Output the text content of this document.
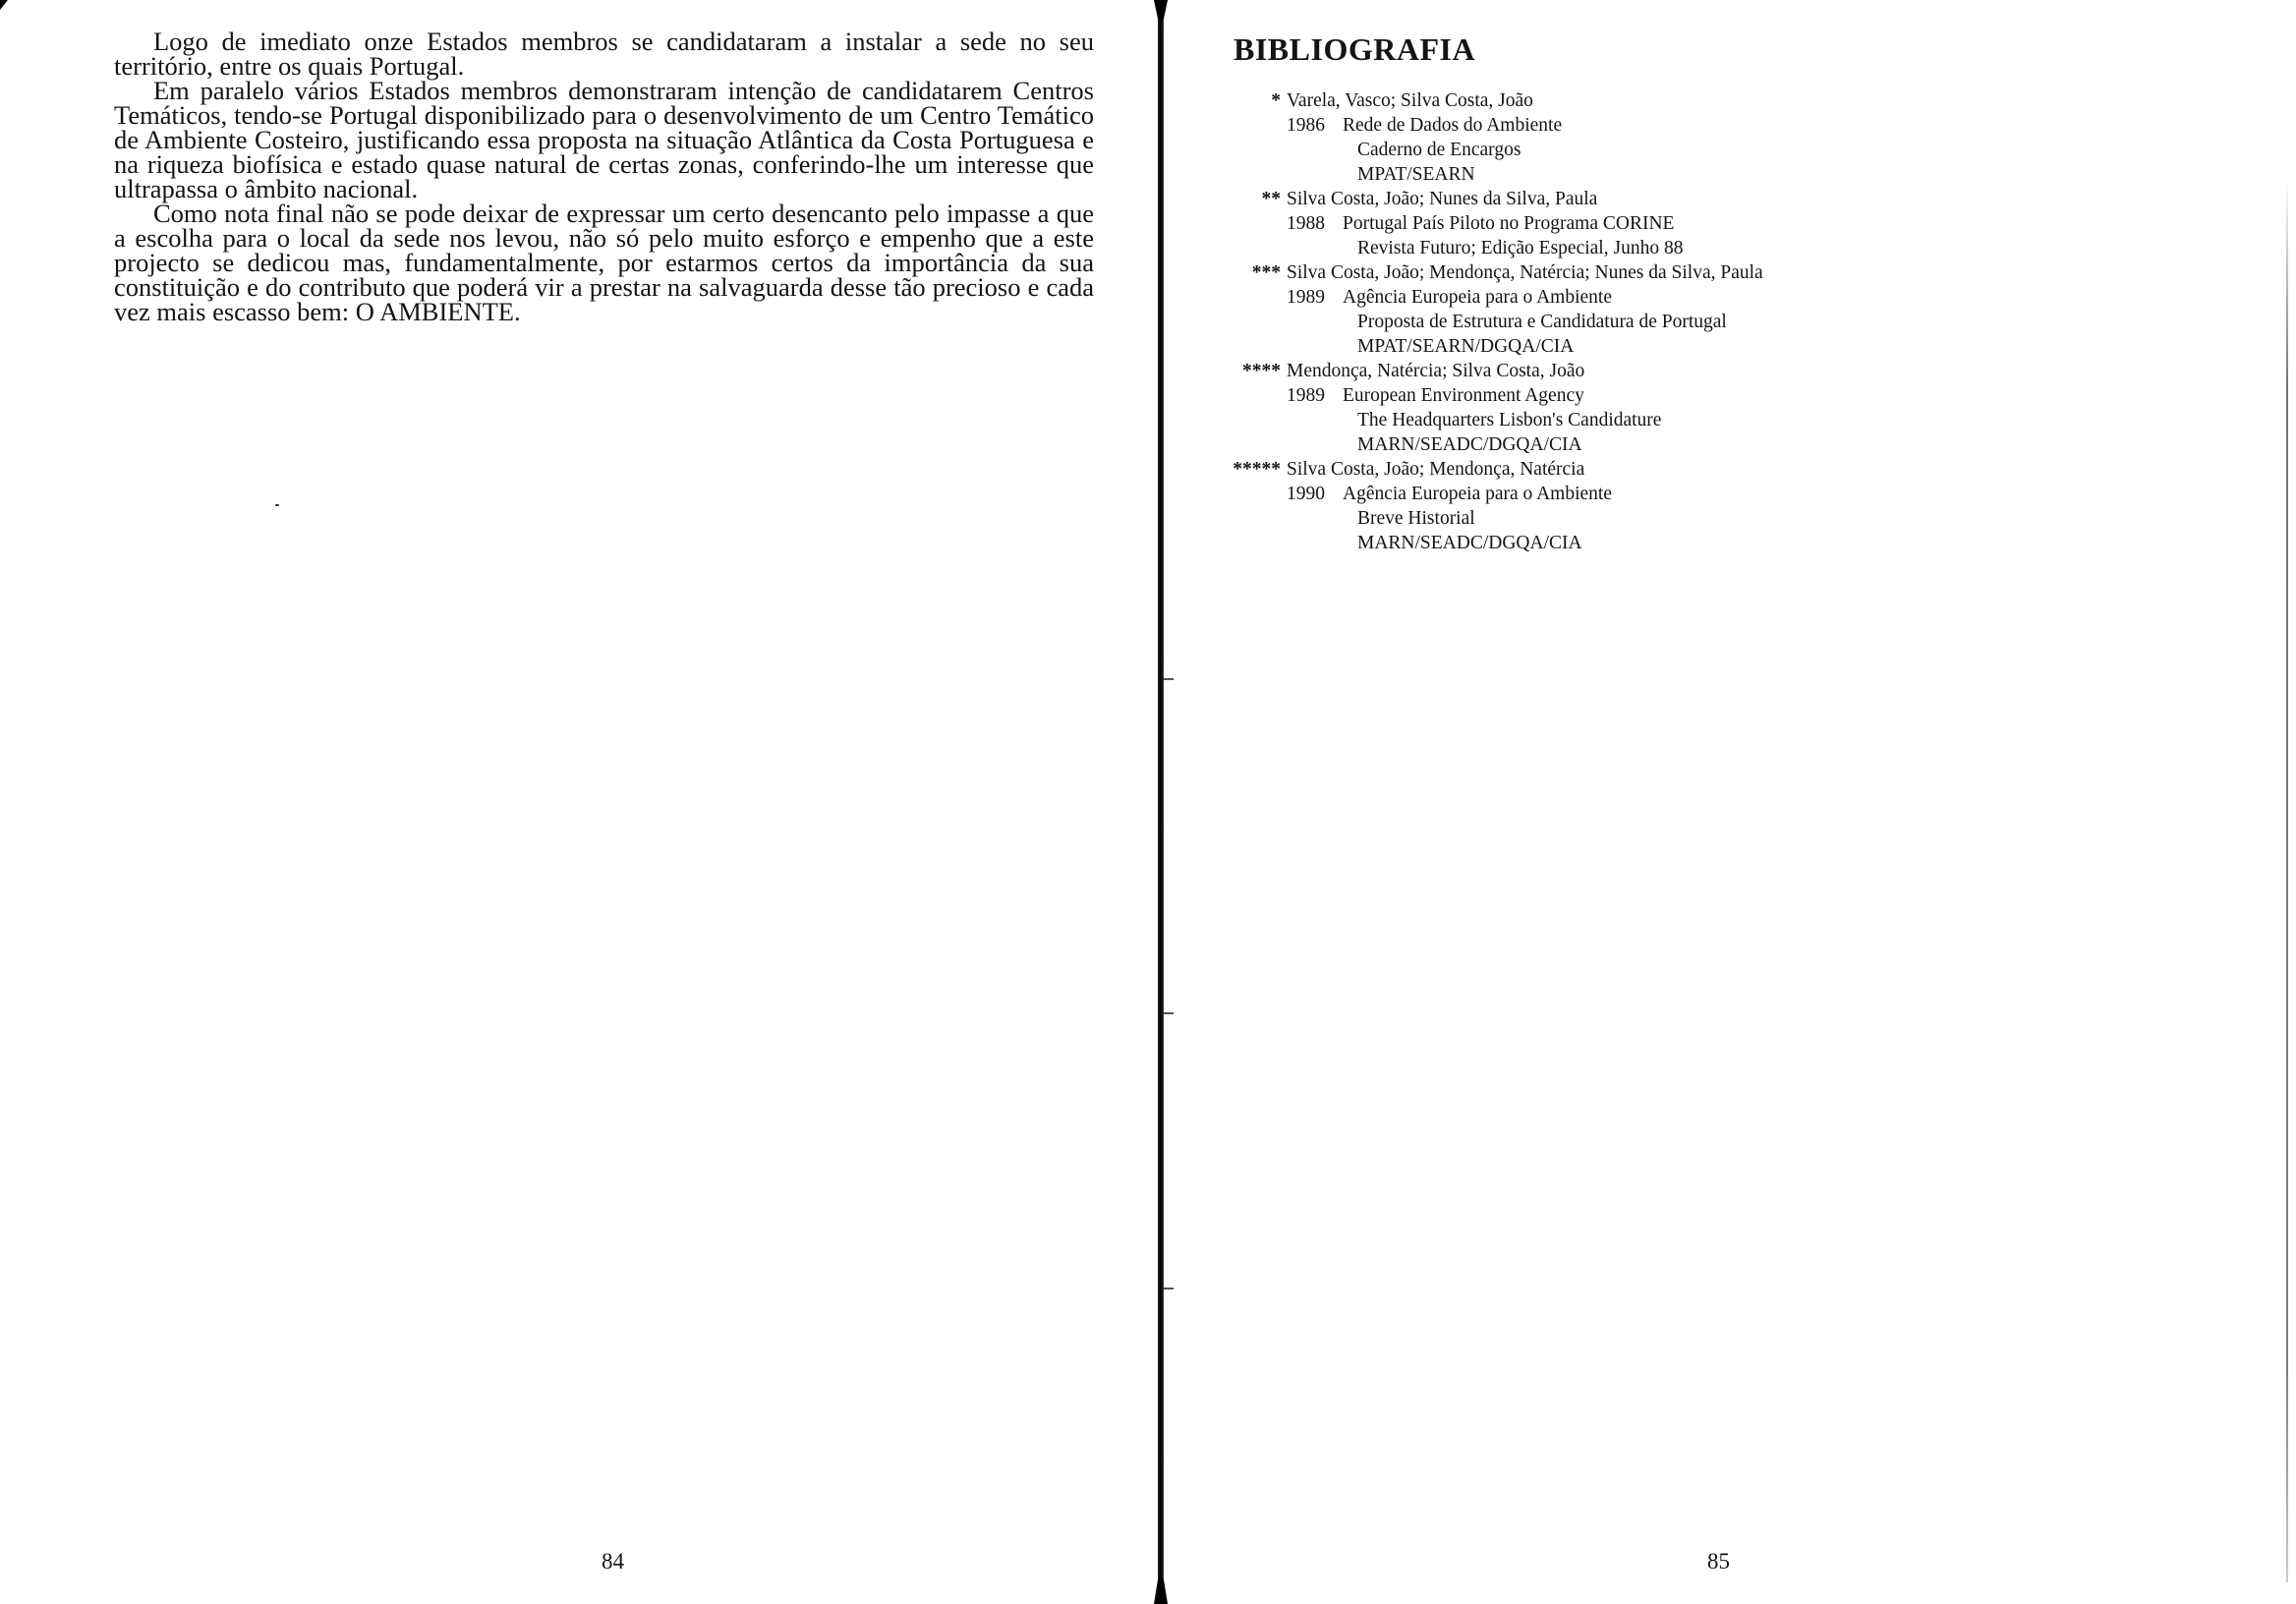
Logo de imediato onze Estados membros se candidataram a instalar a sede no seu território, entre os quais Portugal.

Em paralelo vários Estados membros demonstraram intenção de candidatarem Centros Temáticos, tendo-se Portugal disponibilizado para o desenvolvimento de um Centro Temático de Ambiente Costeiro, justificando essa proposta na situação Atlântica da Costa Portuguesa e na riqueza biofísica e estado quase natural de certas zonas, conferindo-lhe um interesse que ultrapassa o âmbito nacional.

Como nota final não se pode deixar de expressar um certo desencanto pelo impasse a que a escolha para o local da sede nos levou, não só pelo muito esforço e empenho que a este projecto se dedicou mas, fundamentalmente, por estarmos certos da importância da sua constituição e do contributo que poderá vir a prestar na salvaguarda desse tão precioso e cada vez mais escasso bem: O AMBIENTE.

84
BIBLIOGRAFIA
* Varela, Vasco; Silva Costa, João
1986 Rede de Dados do Ambiente
Caderno de Encargos
MPAT/SEARN
** Silva Costa, João; Nunes da Silva, Paula
1988 Portugal País Piloto no Programa CORINE
Revista Futuro; Edição Especial, Junho 88
*** Silva Costa, João; Mendonça, Natércia; Nunes da Silva, Paula
1989 Agência Europeia para o Ambiente
Proposta de Estrutura e Candidatura de Portugal
MPAT/SEARN/DGQA/CIA
**** Mendonça, Natércia; Silva Costa, João
1989 European Environment Agency
The Headquarters Lisbon's Candidature
MARN/SEADC/DGQA/CIA
***** Silva Costa, João; Mendonça, Natércia
1990 Agência Europeia para o Ambiente
Breve Historial
MARN/SEADC/DGQA/CIA
85
